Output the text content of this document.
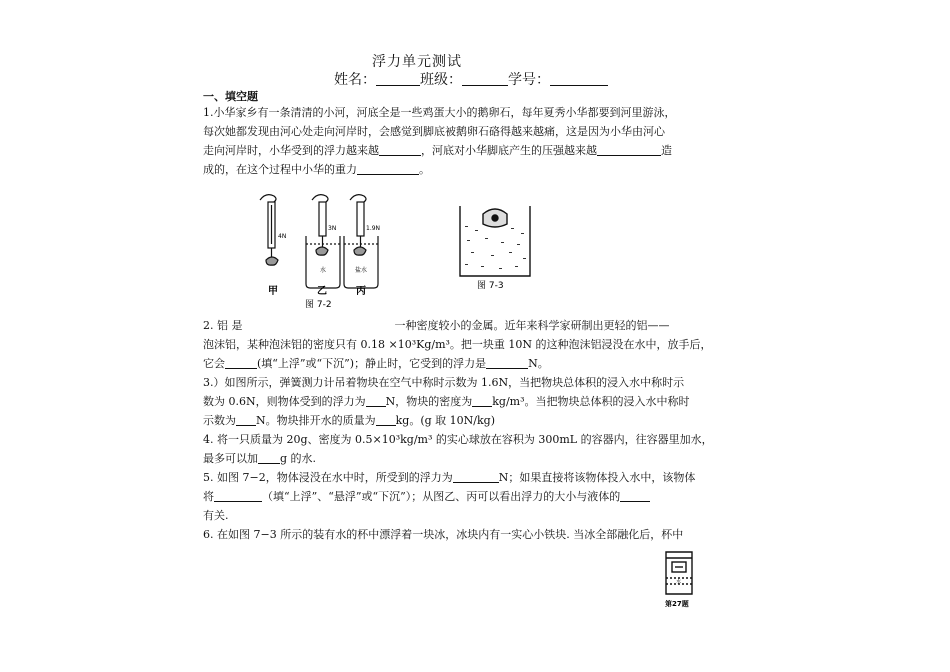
浮力单元测试
姓名：	班级：	学号：
一、填空题
1.小华家乡有一条清清的小河，河底全是一些鸡蛋大小的鹅卵石，每年夏秀小华都要到河里游泳，
每次她都发现由河心处走向河岸时，会感觉到脚底被鹅卵石硌得越来越痛，这是因为小华由河心
走向河岸时，小华受到的浮力越来越	，河底对小华脚底产生的压强越来越	造
成的，在这个过程中小华的重力	。
4N
3N	1.9N
水	盐水
甲	乙	丙
图 7-2
图 7-3
2. 铝 是	一种密度较小的金属。近年来科学家研制出更轻的铝——
泡沫铝，某种泡沫铝的密度只有 0.18 ×10³Kg/m³。把一块重 10N 的这种泡沫铝浸没在水中，放手后，
它会	(填“上浮”或“下沉”)；静止时，它受到的浮力是	N。
3.）如图所示，弹簧测力计吊着物块在空气中称时示数为 1.6N，当把物块总体积的浸入水中称时示
数为 0.6N，则物体受到的浮力为 N，物块的密度为 kg/m³。当把物块总体积的浸入水中称时
示数为 N。物块排开水的质量为 kg。(g 取 10N/kg)
4. 将一只质量为 20g、密度为 0.5×10³kg/m³ 的实心球放在容积为 300mL 的容器内，往容器里加水，
最多可以加 g 的水.
5. 如图 7−2，物体浸没在水中时，所受到的浮力为	N；如果直接将该物体投入水中，该物体
将	（填“上浮”、“悬浮”或“下沉”）；从图乙、丙可以看出浮力的大小与液体的
有关.
6. 在如图 7−3 所示的装有水的杯中漂浮着一块冰，冰块内有一实心小铁块. 当冰全部融化后，杯中
水
第27题
